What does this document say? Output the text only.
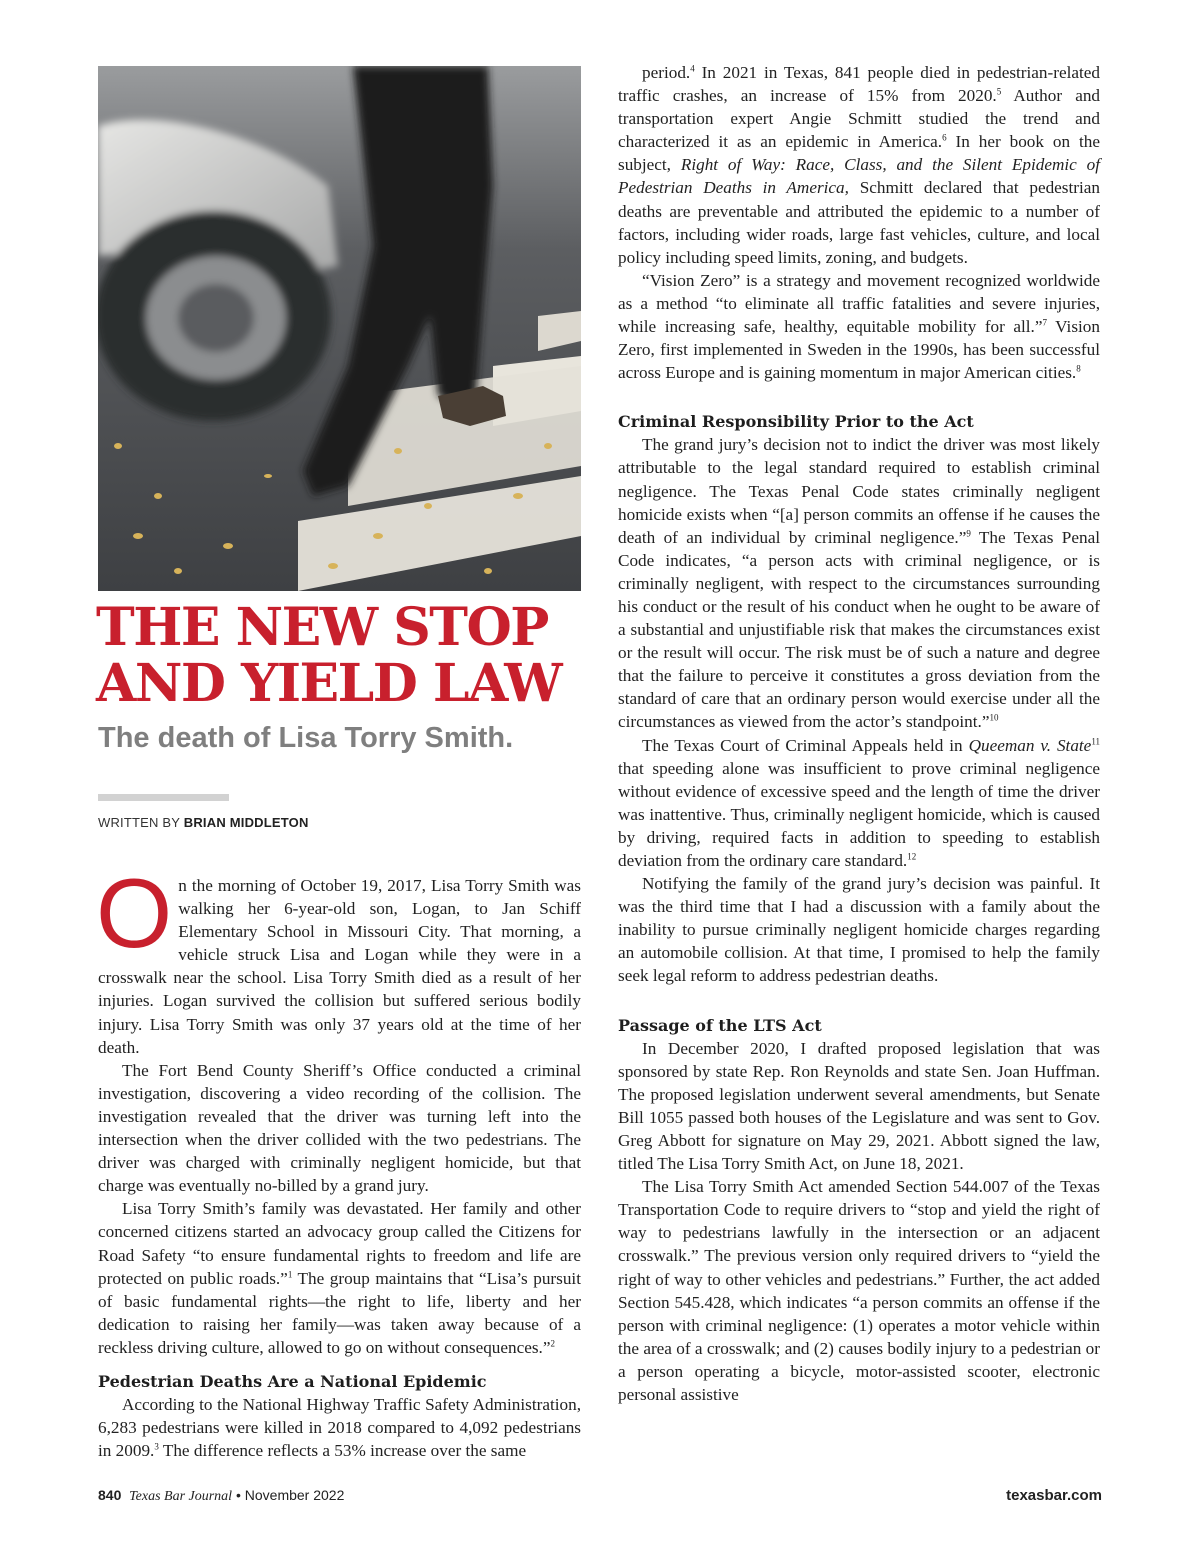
THE NEW STOP
AND YIELD LAW

The death of Lisa Torry Smith.

WRITTEN BY BRIAN MIDDLETON

On the morning of October 19, 2017, Lisa Torry Smith was walking her 6-year-old son, Logan, to Jan Schiff Elementary School in Missouri City. That morning, a vehicle struck Lisa and Logan while they were in a crosswalk near the school. Lisa Torry Smith died as a result of her injuries. Logan survived the collision but suffered serious bodily injury. Lisa Torry Smith was only 37 years old at the time of her death.

The Fort Bend County Sheriff’s Office conducted a criminal investigation, discovering a video recording of the collision. The investigation revealed that the driver was turning left into the intersection when the driver collided with the two pedestrians. The driver was charged with criminally negligent homicide, but that charge was eventually no-billed by a grand jury.

Lisa Torry Smith’s family was devastated. Her family and other concerned citizens started an advocacy group called the Citizens for Road Safety “to ensure fundamental rights to freedom and life are protected on public roads.”$^1$ The group maintains that “Lisa’s pursuit of basic fundamental rights—the right to life, liberty and her dedication to raising her family—was taken away because of a reckless driving culture, allowed to go on without consequences.”$^2$

Pedestrian Deaths Are a National Epidemic

According to the National Highway Traffic Safety Administration, 6,283 pedestrians were killed in 2018 compared to 4,092 pedestrians in 2009.$^3$ The difference reflects a 53% increase over the same

period.$^4$ In 2021 in Texas, 841 people died in pedestrian-related traffic crashes, an increase of 15% from 2020.$^5$ Author and transportation expert Angie Schmitt studied the trend and characterized it as an epidemic in America.$^6$ In her book on the subject, Right of Way: Race, Class, and the Silent Epidemic of Pedestrian Deaths in America, Schmitt declared that pedestrian deaths are preventable and attributed the epidemic to a number of factors, including wider roads, large fast vehicles, culture, and local policy including speed limits, zoning, and budgets.

“Vision Zero” is a strategy and movement recognized worldwide as a method “to eliminate all traffic fatalities and severe injuries, while increasing safe, healthy, equitable mobility for all.”$^7$ Vision Zero, first implemented in Sweden in the 1990s, has been successful across Europe and is gaining momentum in major American cities.$^8$

Criminal Responsibility Prior to the Act

The grand jury’s decision not to indict the driver was most likely attributable to the legal standard required to establish criminal negligence. The Texas Penal Code states criminally negligent homicide exists when “[a] person commits an offense if he causes the death of an individual by criminal negligence.”$^9$ The Texas Penal Code indicates, “a person acts with criminal negligence, or is criminally negligent, with respect to the circumstances surrounding his conduct or the result of his conduct when he ought to be aware of a substantial and unjustifiable risk that makes the circumstances exist or the result will occur. The risk must be of such a nature and degree that the failure to perceive it constitutes a gross deviation from the standard of care that an ordinary person would exercise under all the circumstances as viewed from the actor’s standpoint.”$^{10}$

The Texas Court of Criminal Appeals held in Queeman v. State$^{11}$ that speeding alone was insufficient to prove criminal negligence without evidence of excessive speed and the length of time the driver was inattentive. Thus, criminally negligent homicide, which is caused by driving, required facts in addition to speeding to establish deviation from the ordinary care standard.$^{12}$

Notifying the family of the grand jury’s decision was painful. It was the third time that I had a discussion with a family about the inability to pursue criminally negligent homicide charges regarding an automobile collision. At that time, I promised to help the family seek legal reform to address pedestrian deaths.

Passage of the LTS Act

In December 2020, I drafted proposed legislation that was sponsored by state Rep. Ron Reynolds and state Sen. Joan Huffman. The proposed legislation underwent several amendments, but Senate Bill 1055 passed both houses of the Legislature and was sent to Gov. Greg Abbott for signature on May 29, 2021. Abbott signed the law, titled The Lisa Torry Smith Act, on June 18, 2021.

The Lisa Torry Smith Act amended Section 544.007 of the Texas Transportation Code to require drivers to “stop and yield the right of way to pedestrians lawfully in the intersection or an adjacent crosswalk.” The previous version only required drivers to “yield the right of way to other vehicles and pedestrians.” Further, the act added Section 545.428, which indicates “a person commits an offense if the person with criminal negligence: (1) operates a motor vehicle within the area of a crosswalk; and (2) causes bodily injury to a pedestrian or a person operating a bicycle, motor-assisted scooter, electronic personal assistive

840 Texas Bar Journal • November 2022	texasbar.com
